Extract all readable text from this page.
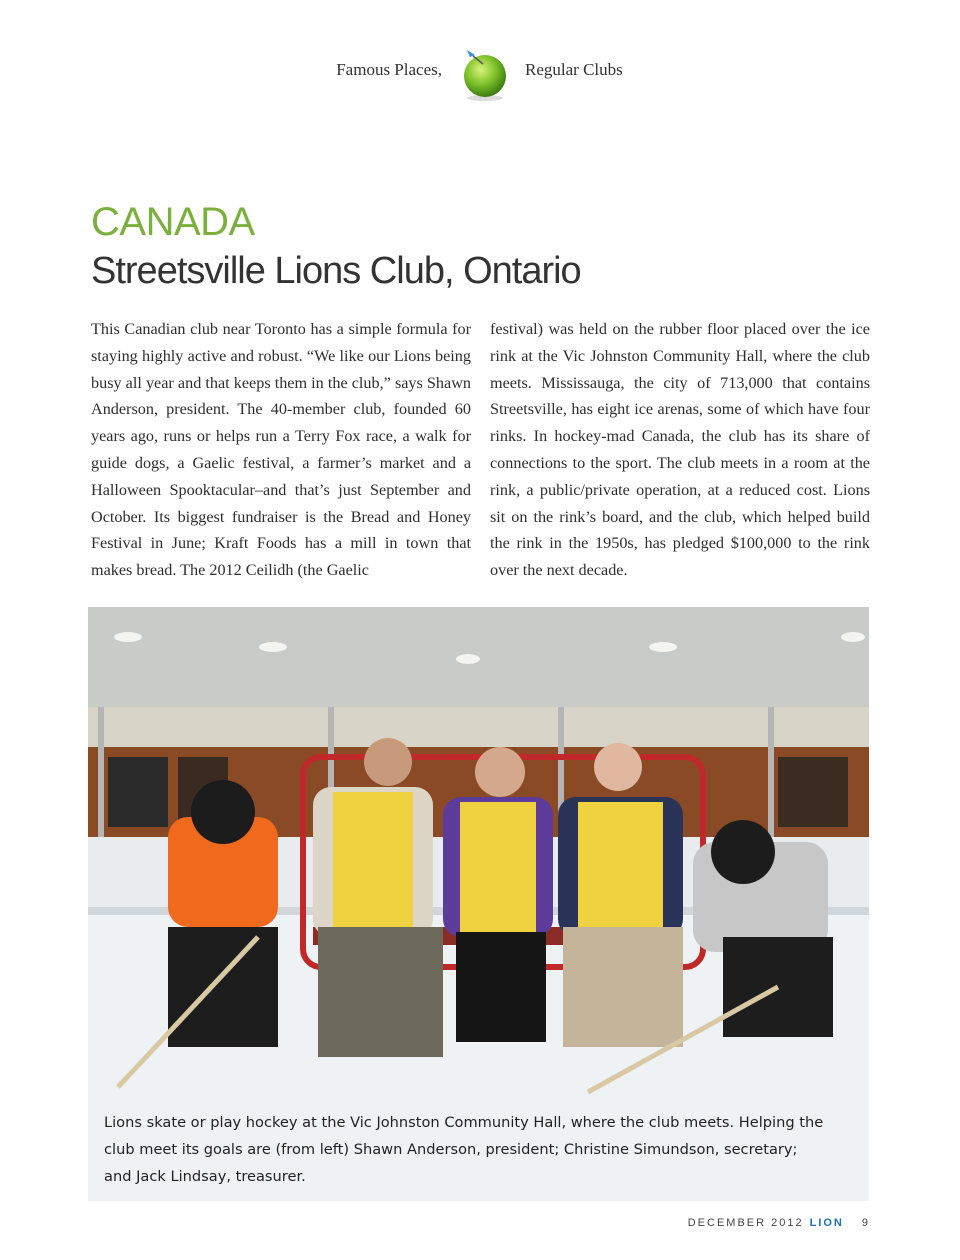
Famous Places,	Regular Clubs
CANADA
Streetsville Lions Club, Ontario
This Canadian club near Toronto has a simple formula for staying highly active and robust. “We like our Lions being busy all year and that keeps them in the club,” says Shawn Anderson, president. The 40-member club, founded 60 years ago, runs or helps run a Terry Fox race, a walk for guide dogs, a Gaelic festival, a farmer’s market and a Halloween Spooktacular–and that’s just September and October. Its biggest fundraiser is the Bread and Honey Festival in June; Kraft Foods has a mill in town that makes bread. The 2012 Ceilidh (the Gaelic
festival) was held on the rubber floor placed over the ice rink at the Vic Johnston Community Hall, where the club meets. Mississauga, the city of 713,000 that contains Streetsville, has eight ice arenas, some of which have four rinks. In hockey-mad Canada, the club has its share of connections to the sport. The club meets in a room at the rink, a public/private operation, at a reduced cost. Lions sit on the rink’s board, and the club, which helped build the rink in the 1950s, has pledged $100,000 to the rink over the next decade.
Lions skate or play hockey at the Vic Johnston Community Hall, where the club meets. Helping the club meet its goals are (from left) Shawn Anderson, president; Christine Simundson, secretary; and Jack Lindsay, treasurer.
DECEMBER 2012 LION 9
